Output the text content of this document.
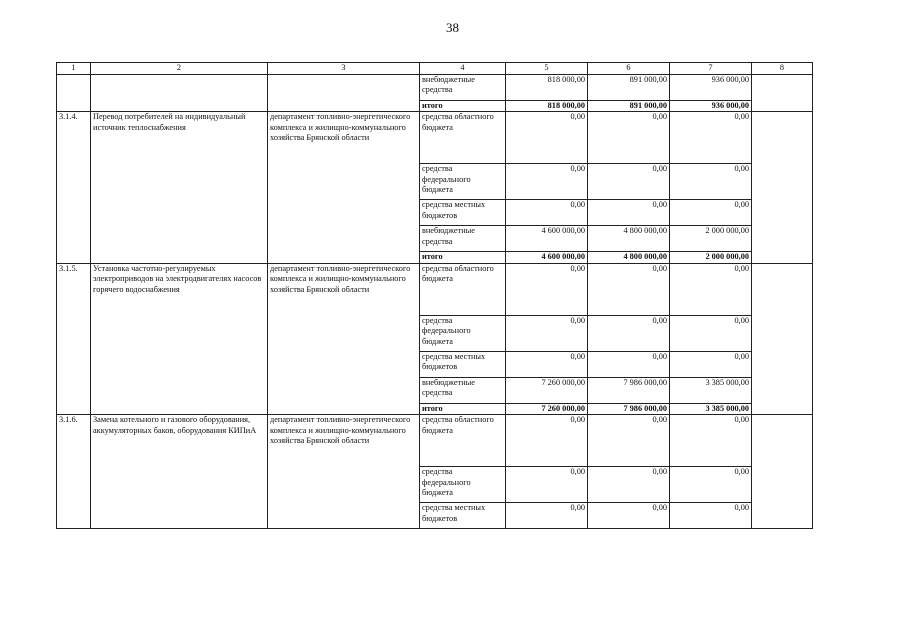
38
1	2	3	4	5	6	7	8
			внебюджетные средства	818 000,00	891 000,00	936 000,00	
			итого	818 000,00	891 000,00	936 000,00	
3.1.4.	Перевод потребителей на индивидуальный источник теплоснабжения	департамент топливно-энергетического комплекса и жилищно-коммунального хозяйства Брянской области	средства областного бюджета	0,00	0,00	0,00	
			средства федерального бюджета	0,00	0,00	0,00	
			средства местных бюджетов	0,00	0,00	0,00	
			внебюджетные средства	4 600 000,00	4 800 000,00	2 000 000,00	
			итого	4 600 000,00	4 800 000,00	2 000 000,00	
3.1.5.	Установка частотно-регулируемых электроприводов на электродвигателях насосов горячего водоснабжения	департамент топливно-энергетического комплекса и жилищно-коммунального хозяйства Брянской области	средства областного бюджета	0,00	0,00	0,00	
			средства федерального бюджета	0,00	0,00	0,00	
			средства местных бюджетов	0,00	0,00	0,00	
			внебюджетные средства	7 260 000,00	7 986 000,00	3 385 000,00	
			итого	7 260 000,00	7 986 000,00	3 385 000,00	
3.1.6.	Замена котельного и газового оборудования, аккумуляторных баков, оборудования КИПиА	департамент топливно-энергетического комплекса и жилищно-коммунального хозяйства Брянской области	средства областного бюджета	0,00	0,00	0,00	
			средства федерального бюджета	0,00	0,00	0,00	
			средства местных бюджетов	0,00	0,00	0,00	
